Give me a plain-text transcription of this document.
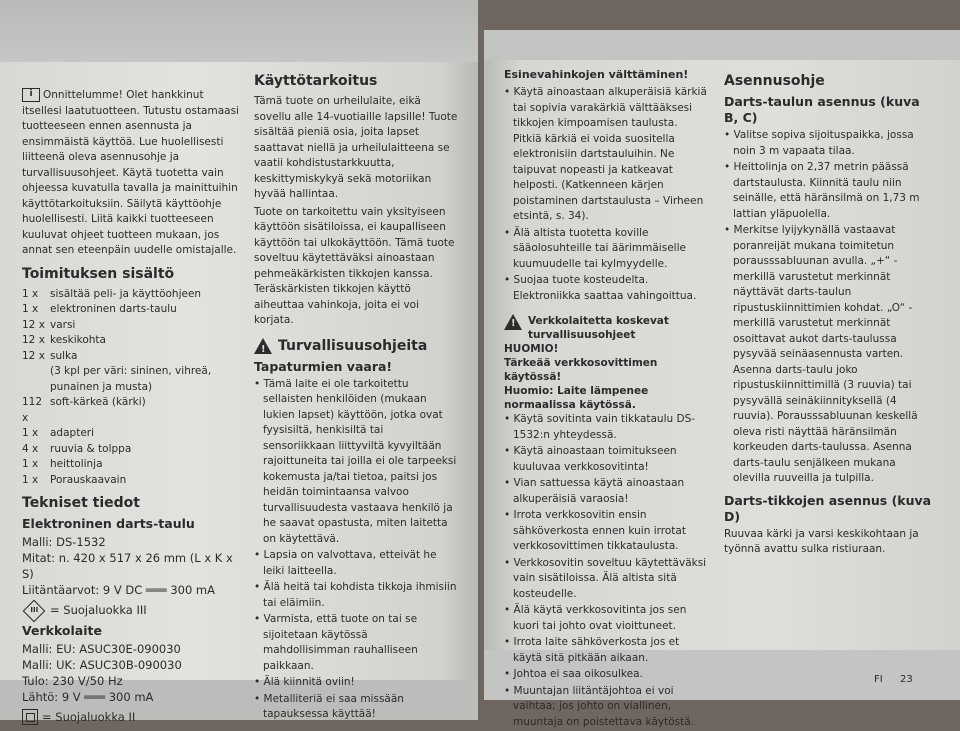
i Onnittelumme! Olet hankkinut itsellesi laatutuotteen. Tutustu ostamaasi tuotteeseen ennen asennusta ja ensimmäistä käyttöä. Lue huolellisesti liitteenä oleva asennusohje ja turvallisuusohjeet. Käytä tuotetta vain ohjeessa kuvatulla tavalla ja mainittuihin käyttötarkoituksiin. Säilytä käyttöohje huolellisesti. Liitä kaikki tuotteeseen kuuluvat ohjeet tuotteen mukaan, jos annat sen eteenpäin uudelle omistajalle.
Toimituksen sisältö
1 x	sisältää peli- ja käyttöohjeen
1 x	elektroninen darts-taulu
12 x varsi
12 x keskikohta
12 x sulka
(3 kpl per väri: sininen, vihreä, punainen ja musta)
112 x
soft-kärkeä (kärki)
1 x	adapteri
4 x	ruuvia & tolppa
1 x	heittolinja
1 x	Porauskaavain
Tekniset tiedot
Elektroninen darts-taulu
Malli: DS-1532
Mitat: n. 420 x 517 x 26 mm (L x K x S)
Liitäntäarvot: 9 V DC ═══ 300 mA
III = Suojaluokka III
Verkkolaite
Malli: EU: ASUC30E-090030
Malli: UK: ASUC30B-090030
Tulo: 230 V/50 Hz
Lähtö: 9 V ═══ 300 mA
= Suojaluokka II
Käyttötarkoitus
Tämä tuote on urheilulaite, eikä sovellu alle 14-vuotiaille lapsille! Tuote sisältää pieniä osia, joita lapset saattavat niellä ja urheilulaitteena se vaatii kohdistustarkkuutta, keskittymiskykyä sekä motoriikan hyvää hallintaa.
Tuote on tarkoitettu vain yksityiseen käyttöön sisätiloissa, ei kaupalliseen käyttöön tai ulkokäyttöön. Tämä tuote soveltuu käytettäväksi ainoastaan pehmeäkärkisten tikkojen kanssa. Teräskärkisten tikkojen käyttö aiheuttaa vahinkoja, joita ei voi korjata.
!Turvallisuusohjeita
Tapaturmien vaara!
• Tämä laite ei ole tarkoitettu sellaisten henkilöiden (mukaan lukien lapset) käyttöön, jotka ovat fyysisiltä, henkisiltä tai sensoriikkaan liittyviltä kyvyiltään rajoittuneita tai joilla ei ole tarpeeksi kokemusta ja/tai tietoa, paitsi jos heidän toimintaansa valvoo turvallisuudesta vastaava henkilö ja he saavat opastusta, miten laitetta on käytettävä.
• Lapsia on valvottava, etteivät he leiki laitteella.
• Älä heitä tai kohdista tikkoja ihmisiin tai eläimiin.
• Varmista, että tuote on tai se sijoitetaan käytössä mahdollisimman rauhalliseen paikkaan.
• Älä kiinnitä oviin!
• Metalliteriä ei saa missään tapauksessa käyttää!
Esinevahinkojen välttäminen!
• Käytä ainoastaan alkuperäisiä kärkiä tai sopivia varakärkiä välttääksesi tikkojen kimpoamisen taulusta. Pitkiä kärkiä ei voida suositella elektronisiin dartstauluihin. Ne taipuvat nopeasti ja katkeavat helposti. (Katkenneen kärjen poistaminen dartstaulusta – Virheen etsintä, s. 34).
• Älä altista tuotetta koville sääolosuhteille tai äärimmäiselle kuumuudelle tai kylmyydelle.
• Suojaa tuote kosteudelta. Elektroniikka saattaa vahingoittua.
!
Verkkolaitetta koskevat turvallisuusohjeet
HUOMIO!
Tärkeää verkkosovittimen käytössä!
Huomio: Laite lämpenee normaalissa käytössä.
• Käytä sovitinta vain tikkataulu DS-1532:n yhteydessä.
• Käytä ainoastaan toimitukseen kuuluvaa verkkosovitinta!
• Vian sattuessa käytä ainoastaan alkuperäisiä varaosia!
• Irrota verkkosovitin ensin sähköverkosta ennen kuin irrotat verkkosovittimen tikkataulusta.
• Verkkosovitin soveltuu käytettäväksi vain sisätiloissa. Älä altista sitä kosteudelle.
• Älä käytä verkkosovitinta jos sen kuori tai johto ovat vioittuneet.
• Irrota laite sähköverkosta jos et käytä sitä pitkään aikaan.
• Johtoa ei saa oikosulkea.
• Muuntajan liitäntäjohtoa ei voi vaihtaa; jos johto on viallinen, muuntaja on poistettava käytöstä.
Asennusohje
Darts-taulun asennus (kuva B, C)
• Valitse sopiva sijoituspaikka, jossa noin 3 m vapaata tilaa.
• Heittolinja on 2,37 metrin päässä dartstaulusta. Kiinnitä taulu niin seinälle, että häränsilmä on 1,73 m lattian yläpuolella.
• Merkitse lyijykynällä vastaavat poranreijät mukana toimitetun porausssabluunan avulla. „+“ -merkillä varustetut merkinnät näyttävät darts-taulun ripustuskiinnittimien kohdat. „O“ -merkillä varustetut merkinnät osoittavat aukot darts-taulussa pysyvää seinäasennusta varten. Asenna darts-taulu joko ripustuskiinnittimillä (3 ruuvia) tai pysyvällä seinäkiinnityksellä (4 ruuvia). Porausssabluunan keskellä oleva risti näyttää häränsilmän korkeuden darts-taulussa. Asenna darts-taulu senjälkeen mukana olevilla ruuveilla ja tulpilla.
Darts-tikkojen asennus (kuva D)
Ruuvaa kärki ja varsi keskikohtaan ja työnnä avattu sulka ristiuraan.
FI 23
